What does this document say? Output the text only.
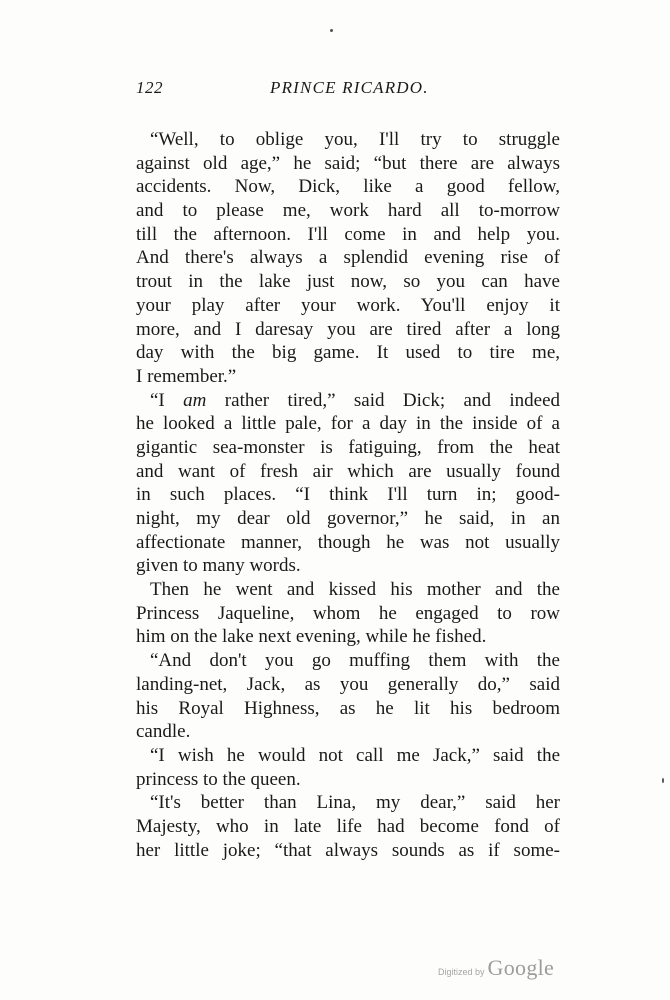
122	PRINCE RICARDO.
“Well, to oblige you, I'll try to struggle
against old age,” he said; “but there are always
accidents. Now, Dick, like a good fellow,
and to please me, work hard all to-morrow
till the afternoon. I'll come in and help you.
And there's always a splendid evening rise of
trout in the lake just now, so you can have
your play after your work. You'll enjoy it
more, and I daresay you are tired after a long
day with the big game. It used to tire me,
I remember.”
“I am rather tired,” said Dick; and indeed
he looked a little pale, for a day in the inside of a
gigantic sea-monster is fatiguing, from the heat
and want of fresh air which are usually found
in such places. “I think I'll turn in; good-
night, my dear old governor,” he said, in an
affectionate manner, though he was not usually
given to many words.
Then he went and kissed his mother and the
Princess Jaqueline, whom he engaged to row
him on the lake next evening, while he fished.
“And don't you go muffing them with the
landing-net, Jack, as you generally do,” said
his Royal Highness, as he lit his bedroom
candle.
“I wish he would not call me Jack,” said the
princess to the queen.
“It's better than Lina, my dear,” said her
Majesty, who in late life had become fond of
her little joke; “that always sounds as if some-
Digitized by Google
